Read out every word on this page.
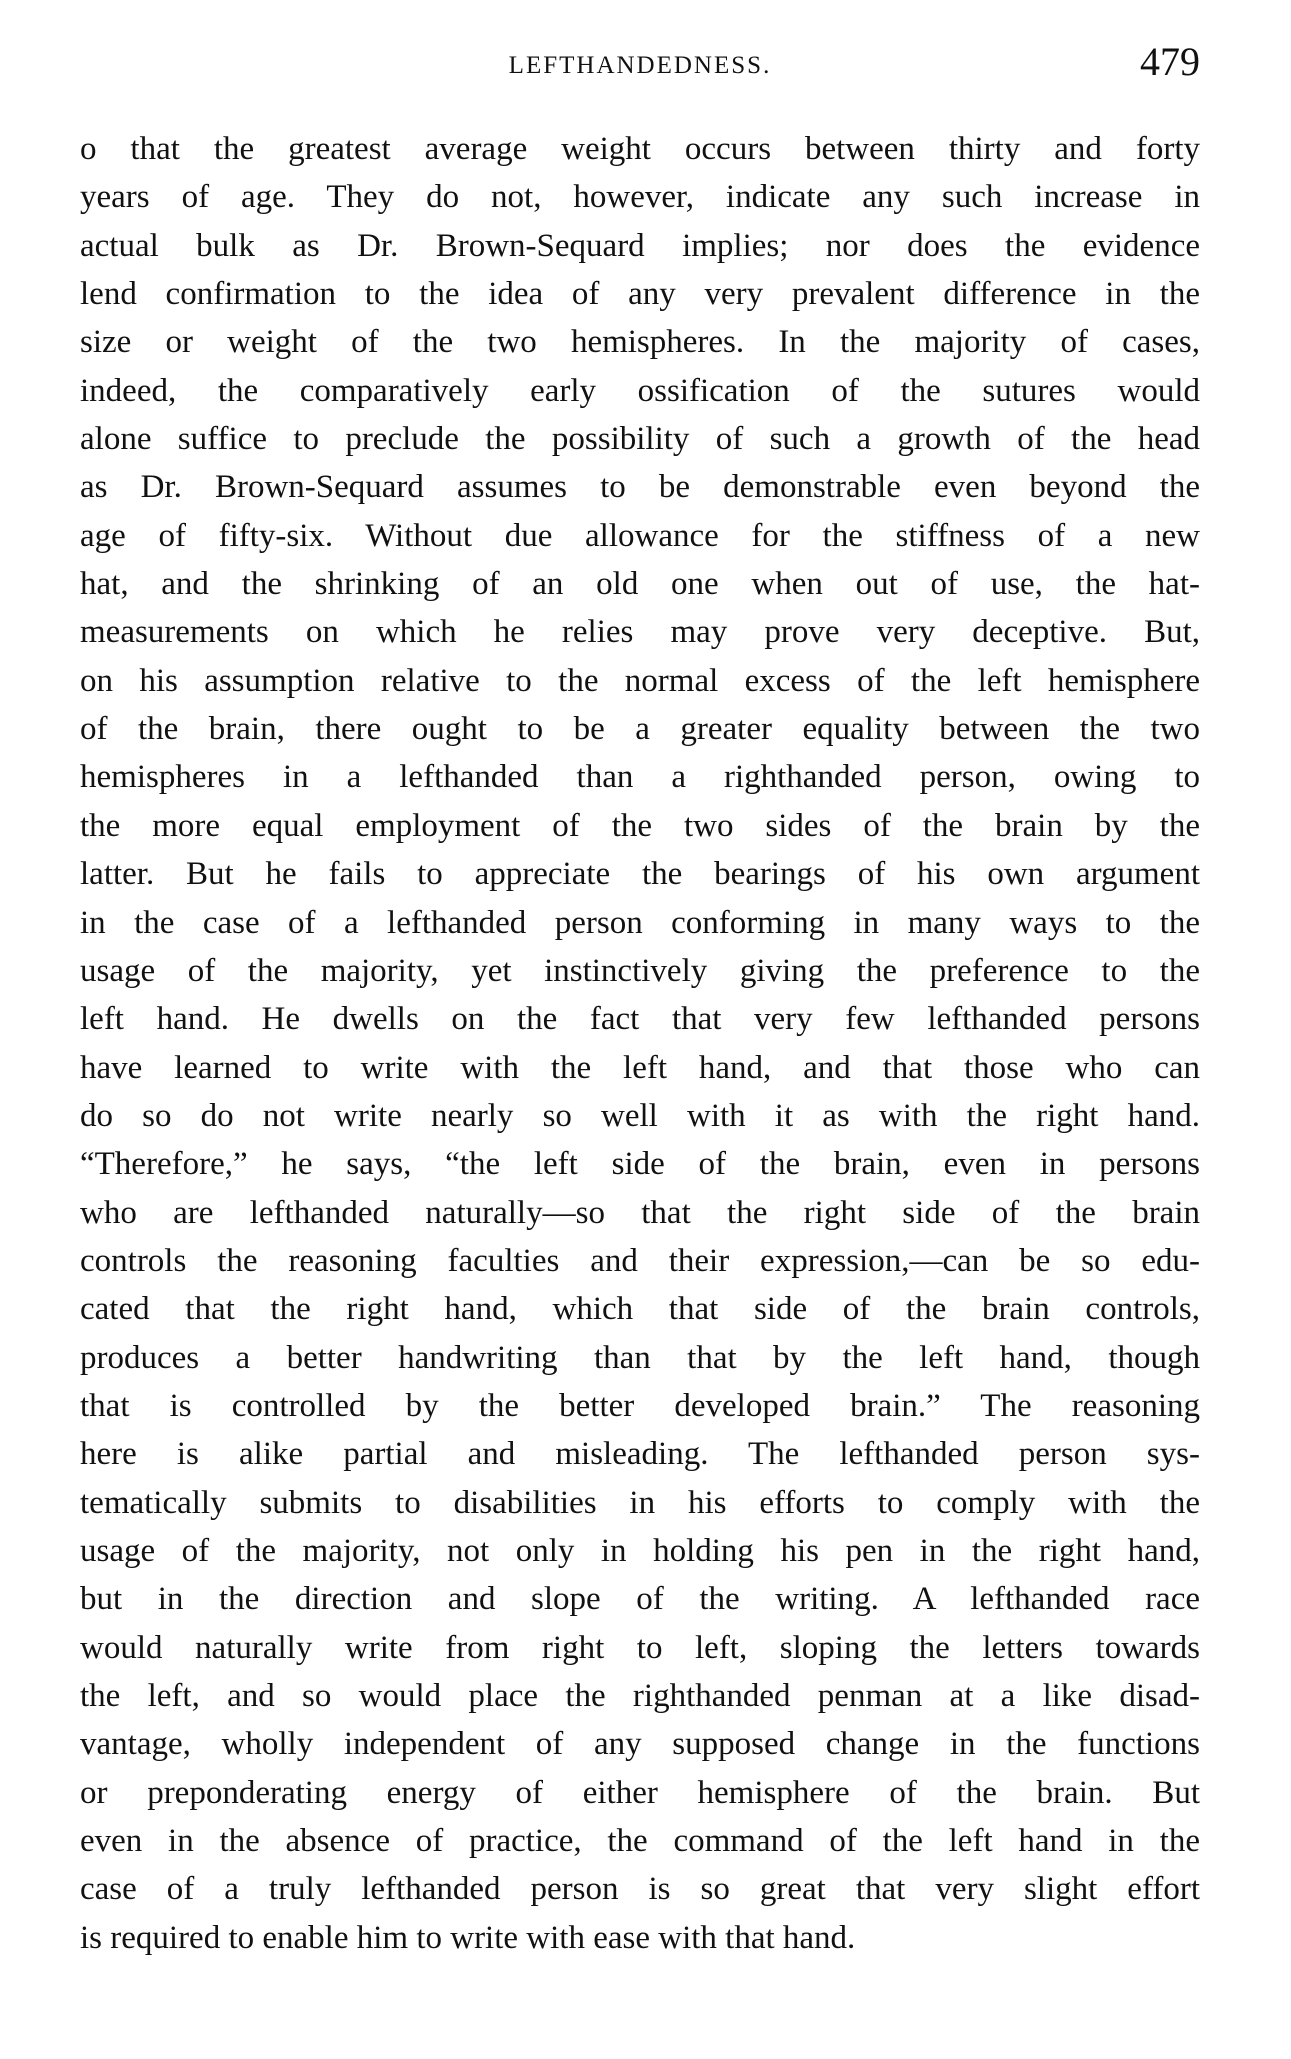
LEFTHANDEDNESS.	479
o that the greatest average weight occurs between thirty and forty
years of age. They do not, however, indicate any such increase in
actual bulk as Dr. Brown-Sequard implies; nor does the evidence
lend confirmation to the idea of any very prevalent difference in the
size or weight of the two hemispheres. In the majority of cases,
indeed, the comparatively early ossification of the sutures would
alone suffice to preclude the possibility of such a growth of the head
as Dr. Brown-Sequard assumes to be demonstrable even beyond the
age of fifty-six. Without due allowance for the stiffness of a new
hat, and the shrinking of an old one when out of use, the hat-
measurements on which he relies may prove very deceptive. But,
on his assumption relative to the normal excess of the left hemisphere
of the brain, there ought to be a greater equality between the two
hemispheres in a lefthanded than a righthanded person, owing to
the more equal employment of the two sides of the brain by the
latter. But he fails to appreciate the bearings of his own argument
in the case of a lefthanded person conforming in many ways to the
usage of the majority, yet instinctively giving the preference to the
left hand. He dwells on the fact that very few lefthanded persons
have learned to write with the left hand, and that those who can
do so do not write nearly so well with it as with the right hand.
“Therefore,” he says, “the left side of the brain, even in persons
who are lefthanded naturally—so that the right side of the brain
controls the reasoning faculties and their expression,—can be so edu-
cated that the right hand, which that side of the brain controls,
produces a better handwriting than that by the left hand, though
that is controlled by the better developed brain.” The reasoning
here is alike partial and misleading. The lefthanded person sys-
tematically submits to disabilities in his efforts to comply with the
usage of the majority, not only in holding his pen in the right hand,
but in the direction and slope of the writing. A lefthanded race
would naturally write from right to left, sloping the letters towards
the left, and so would place the righthanded penman at a like disad-
vantage, wholly independent of any supposed change in the functions
or preponderating energy of either hemisphere of the brain. But
even in the absence of practice, the command of the left hand in the
case of a truly lefthanded person is so great that very slight effort
is required to enable him to write with ease with that hand.
